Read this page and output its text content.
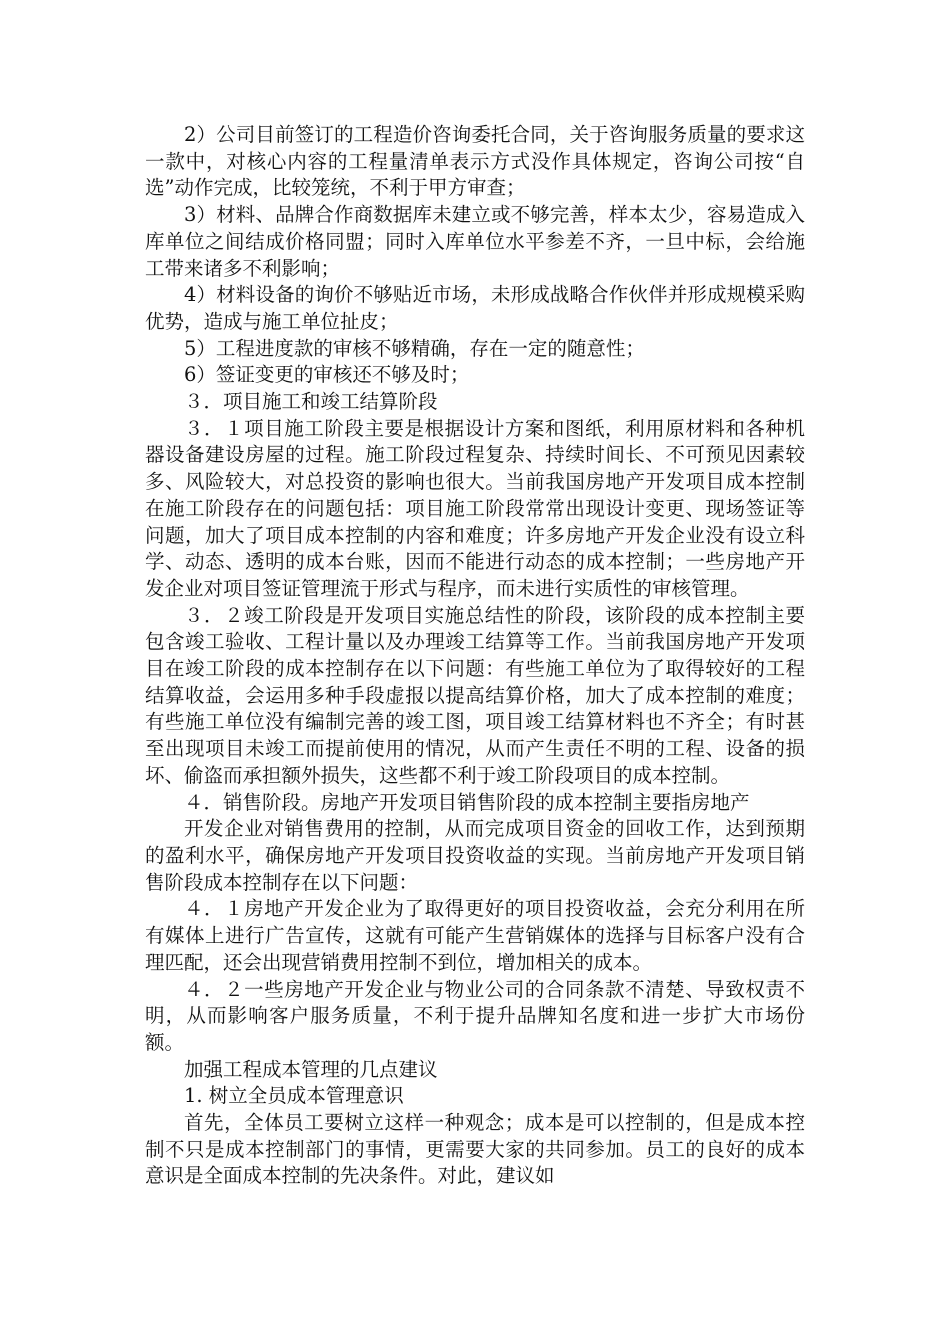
2）公司目前签订的工程造价咨询委托合同，关于咨询服务质量的要求这一款中，对核心内容的工程量清单表示方式没作具体规定，咨询公司按“自选”动作完成，比较笼统，不利于甲方审查；

3）材料、品牌合作商数据库未建立或不够完善，样本太少，容易造成入库单位之间结成价格同盟；同时入库单位水平参差不齐，一旦中标，会给施工带来诸多不利影响；

4）材料设备的询价不够贴近市场，未形成战略合作伙伴并形成规模采购优势，造成与施工单位扯皮；

5）工程进度款的审核不够精确，存在一定的随意性；

6）签证变更的审核还不够及时；

３．项目施工和竣工结算阶段

３．１项目施工阶段主要是根据设计方案和图纸，利用原材料和各种机器设备建设房屋的过程。施工阶段过程复杂、持续时间长、不可预见因素较多、风险较大，对总投资的影响也很大。当前我国房地产开发项目成本控制在施工阶段存在的问题包括：项目施工阶段常常出现设计变更、现场签证等问题，加大了项目成本控制的内容和难度；许多房地产开发企业没有设立科学、动态、透明的成本台账，因而不能进行动态的成本控制；一些房地产开发企业对项目签证管理流于形式与程序，而未进行实质性的审核管理。

３．２竣工阶段是开发项目实施总结性的阶段，该阶段的成本控制主要包含竣工验收、工程计量以及办理竣工结算等工作。当前我国房地产开发项目在竣工阶段的成本控制存在以下问题：有些施工单位为了取得较好的工程结算收益，会运用多种手段虚报以提高结算价格，加大了成本控制的难度；有些施工单位没有编制完善的竣工图，项目竣工结算材料也不齐全；有时甚至出现项目未竣工而提前使用的情况，从而产生责任不明的工程、设备的损坏、偷盗而承担额外损失，这些都不利于竣工阶段项目的成本控制。

４．销售阶段。房地产开发项目销售阶段的成本控制主要指房地产

开发企业对销售费用的控制，从而完成项目资金的回收工作，达到预期的盈利水平，确保房地产开发项目投资收益的实现。当前房地产开发项目销售阶段成本控制存在以下问题：

４．１房地产开发企业为了取得更好的项目投资收益，会充分利用在所有媒体上进行广告宣传，这就有可能产生营销媒体的选择与目标客户没有合理匹配，还会出现营销费用控制不到位，增加相关的成本。

４．２一些房地产开发企业与物业公司的合同条款不清楚、导致权责不明，从而影响客户服务质量，不利于提升品牌知名度和进一步扩大市场份额。

加强工程成本管理的几点建议

1. 树立全员成本管理意识

首先，全体员工要树立这样一种观念；成本是可以控制的，但是成本控制不只是成本控制部门的事情，更需要大家的共同参加。员工的良好的成本意识是全面成本控制的先决条件。对此，建议如
